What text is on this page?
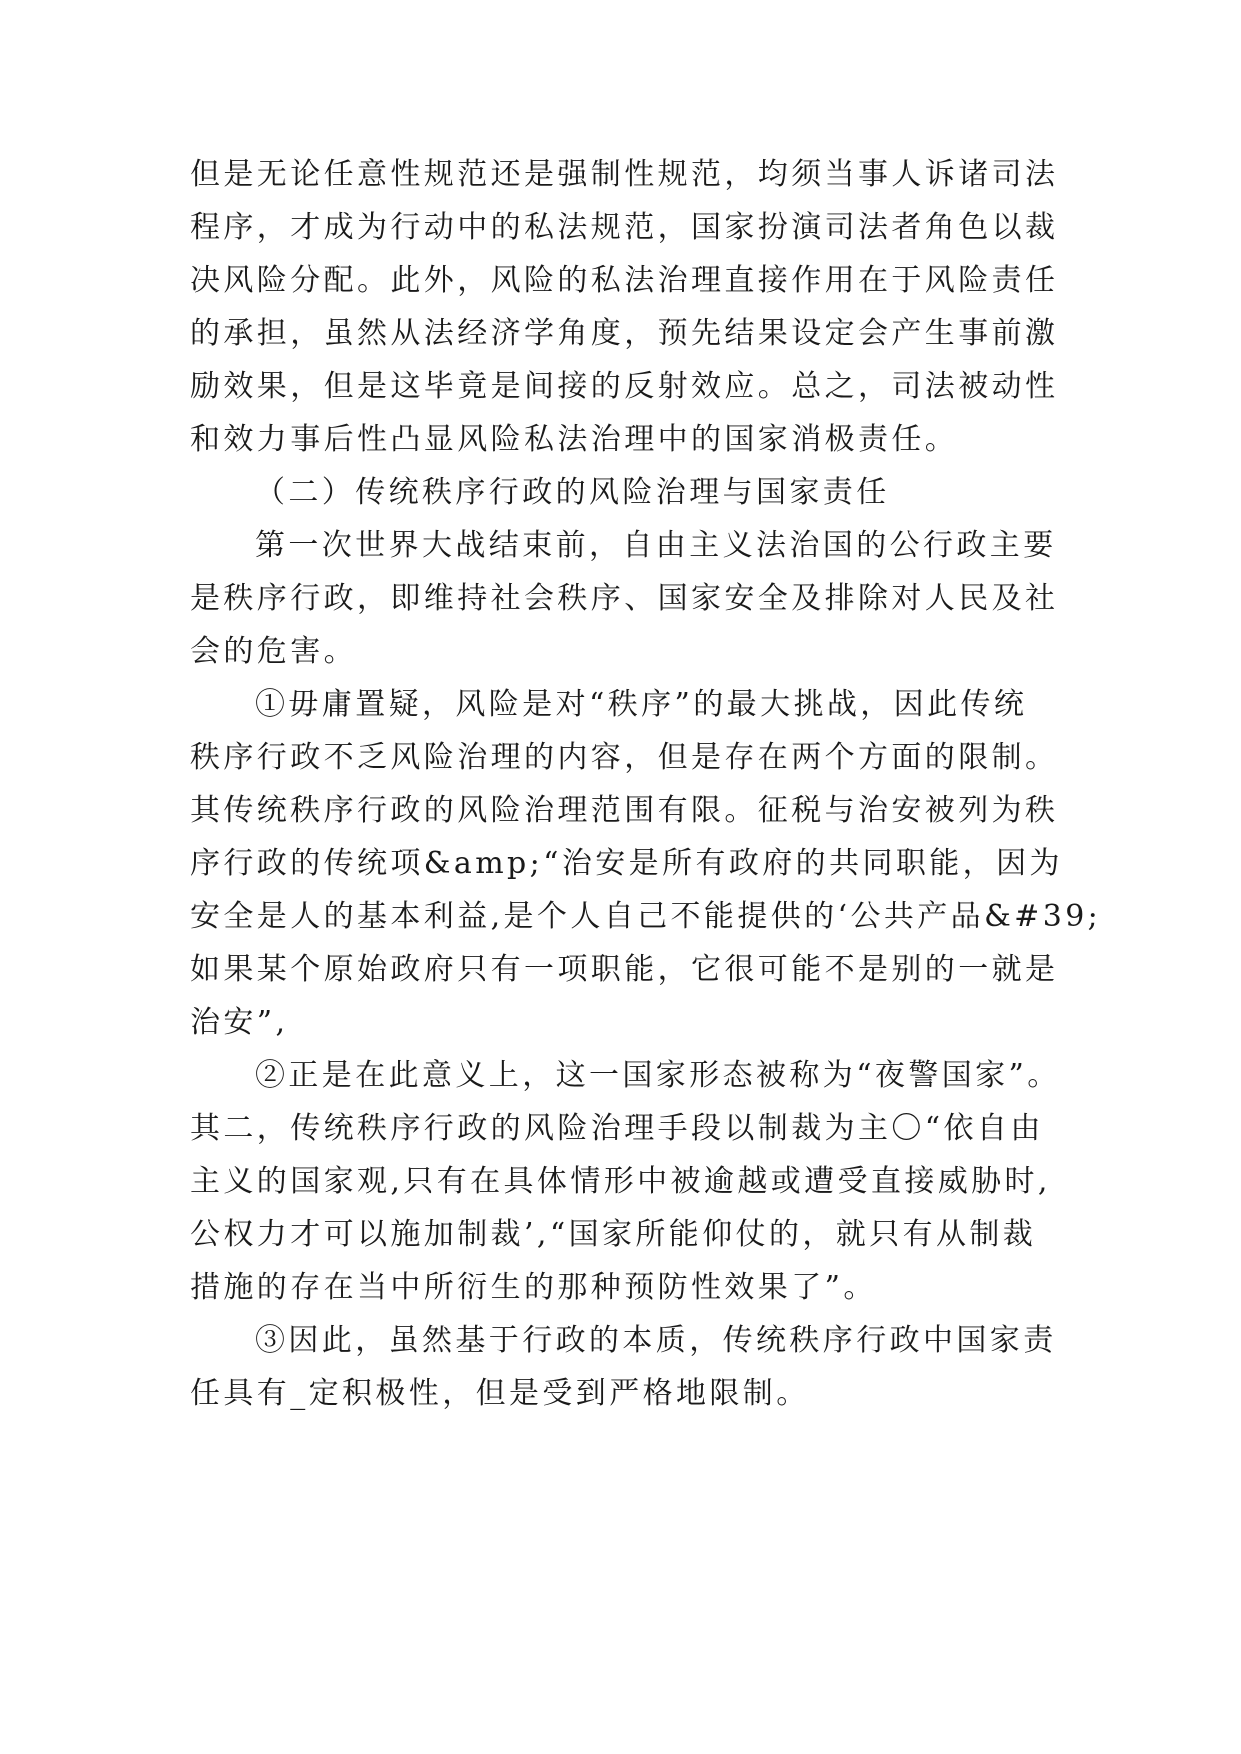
但是无论任意性规范还是强制性规范，均须当事人诉诸司法
程序，才成为行动中的私法规范，国家扮演司法者角色以裁
决风险分配。此外，风险的私法治理直接作用在于风险责任
的承担，虽然从法经济学角度，预先结果设定会产生事前激
励效果，但是这毕竟是间接的反射效应。总之，司法被动性
和效力事后性凸显风险私法治理中的国家消极责任。
（二）传统秩序行政的风险治理与国家责任
第一次世界大战结束前，自由主义法治国的公行政主要
是秩序行政，即维持社会秩序、国家安全及排除对人民及社
会的危害。
①毋庸置疑，风险是对“秩序”的最大挑战，因此传统
秩序行政不乏风险治理的内容，但是存在两个方面的限制。
其传统秩序行政的风险治理范围有限。征税与治安被列为秩
序行政的传统项&amp;“治安是所有政府的共同职能，因为
安全是人的基本利益,是个人自己不能提供的‘公共产品&#39;
如果某个原始政府只有一项职能，它很可能不是别的一就是
治安”,
②正是在此意义上，这一国家形态被称为“夜警国家”。
其二，传统秩序行政的风险治理手段以制裁为主〇“依自由
主义的国家观,只有在具体情形中被逾越或遭受直接威胁时,
公权力才可以施加制裁’,“国家所能仰仗的，就只有从制裁
措施的存在当中所衍生的那种预防性效果了”。
③因此，虽然基于行政的本质，传统秩序行政中国家责
任具有_定积极性，但是受到严格地限制。
